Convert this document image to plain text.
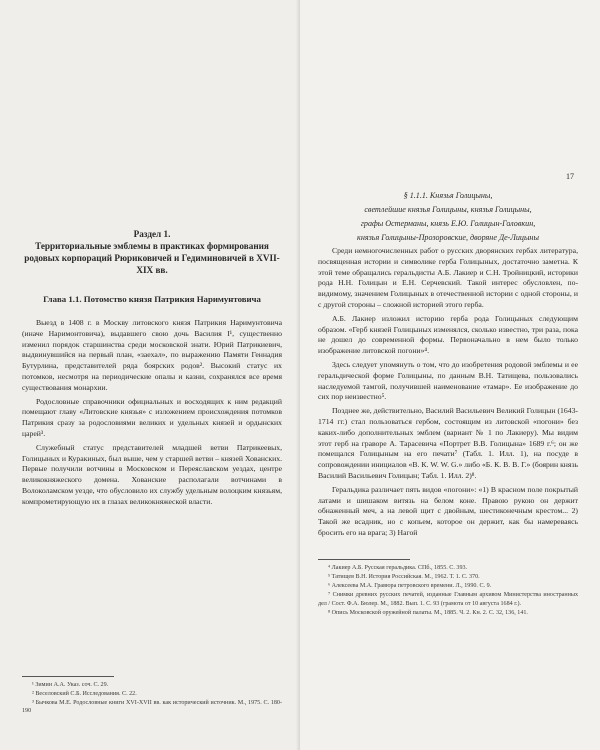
Раздел 1.
Территориальные эмблемы в практиках формирования родовых корпораций Рюриковичей и Гедиминовичей в XVII-XIX вв.
Глава 1.1. Потомство князя Патрикия Наримунтовича

Выезд в 1408 г. в Москву литовского князя Патрикия Наримунтовича (иначе Наримонтовича), выдавшего свою дочь Василия I¹, существенно изменил порядок старшинства среди московской знати. Юрий Патрикиевич, выдвинувшийся на первый план, «заехал», по выражению Памяти Геннадия Бутурлина, представителей ряда боярских родов². Высокий статус их потомков, несмотря на периодические опалы и казни, сохранялся все время существования монархии.

Родословные справочники официальных и восходящих к ним редакций помещают главу «Литовские князья» с изложением происхождения потомков Патрикия сразу за родословиями великих и удельных князей и ордынских царей³.

Служебный статус представителей младшей ветви Патрикеевых, Голицыных и Куракиных, был выше, чем у старшей ветви – князей Хованских. Первые получили вотчины в Московском и Переяславском уездах, центре великокняжеского домена. Хованские располагали вотчинами в Волоколамском уезде, что обусловило их службу удельным волоцким князьям, компрометирующую их в глазах великокняжеской власти.

¹ Зимин А.А. Указ. соч. С. 29.

² Веселовский С.Б. Исследования. С. 22.

³ Бычкова М.Е. Родословные книги XVI-XVII вв. как исторический источник. М., 1975. С. 180-190

17

§ 1.1.1. Князья Голицыны,

светлейшие князья Голицыны, князья Голицыны,

графы Остерманы, князь Е.Ю. Голицын-Головкин,

князья Голицыны-Прозоровские, дворяне Де-Лицыны

Среди немногочисленных работ о русских дворянских гербах литература, посвященная истории и символике герба Голицыных, достаточно заметна. К этой теме обращались геральдисты А.Б. Лакиер и С.Н. Тройницкий, историки рода Н.Н. Голицын и Е.Н. Серчевский. Такой интерес обусловлен, по-видимому, значением Голицыных в отечественной истории с одной стороны, и с другой стороны – сложной историей этого герба.

А.Б. Лакиер изложил историю герба рода Голицыных следующим образом. «Герб князей Голицыных изменялся, сколько известно, три раза, пока не дошел до современной формы. Первоначально в нем было только изображение литовской погони»⁴.

Здесь следует упомянуть о том, что до изобретения родовой эмблемы и ее геральдической форме Голицыны, по данным В.Н. Татищева, пользовались наследуемой тамгой, получившей наименование «тамар». Ее изображение до сих пор неизвестно⁵.

Позднее же, действительно, Василий Васильевич Великий Голицын (1643-1714 гг.) стал пользоваться гербом, состоящим из литовской «погони» без каких-либо дополнительных эмблем (вариант № 1 по Лакиеру). Мы видим этот герб на граворе А. Тарасевича «Портрет В.В. Голицына» 1689 г.⁶; он же помещался Голицыным на его печати⁷ (Табл. 1. Илл. 1), на посуде в сопровождении инициалов «В. К. W. W. G.» либо «Б. К. В. В. Г.» (боярин князь Василий Васильевич Голицын; Табл. 1. Илл. 2)⁸.

Геральдика различает пять видов «погони»: «1) В красном поле покрытый латами и шишаком витязь на белом коне. Правою рукою он держит обнаженный меч, а на левой щит с двойным, шестиконечным крестом... 2) Такой же всадник, но с копьем, которое он держит, как бы намереваясь бросить его на врага; 3) Нагой

⁴ Лакиер А.Б. Русская геральдика. СПб., 1855. С. 393.

⁵ Татищев В.Н. История Российская. М., 1962. Т. 1. С. 370.

⁶ Алексеева М.А. Гравюра петровского времени. Л., 1990. С. 9.

⁷ Снимки древних русских печатей, изданные Главным архивом Министерства иностранных дел / Сост. Ф.А. Бюлер. М., 1882. Вып. 1. С. 93 (грамота от 10 августа 1684 г.).

⁸ Опись Московской оружейной палаты. М., 1885. Ч. 2. Кн. 2. С. 32, 136, 141.
